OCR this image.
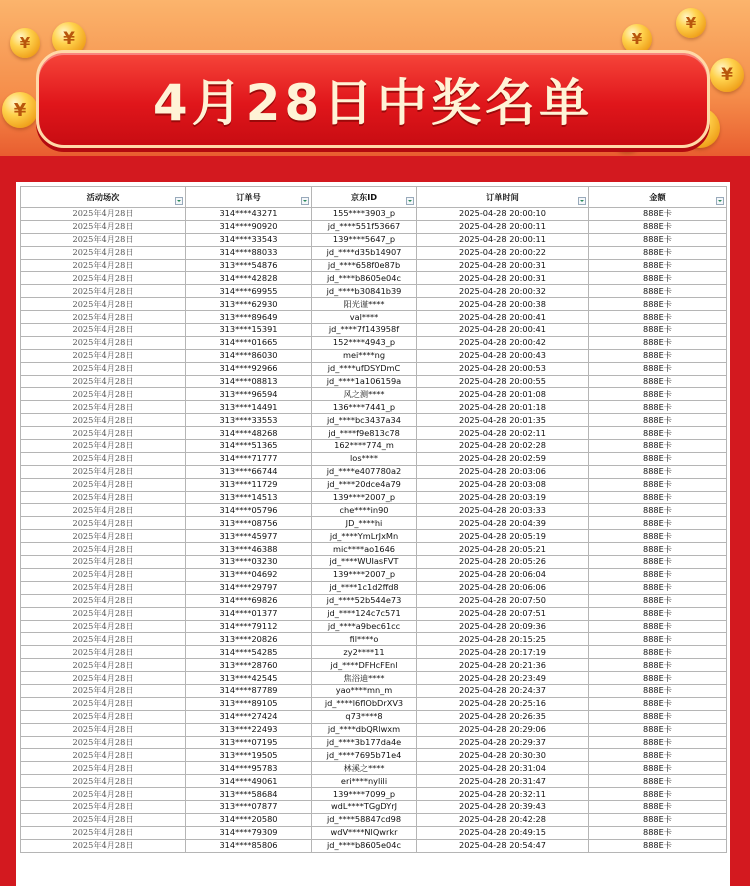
¥	¥
¥
¥
¥
¥
4月28日中奖名单
活动场次	订单号	京东ID	订单时间	金额

2025年4月28日	314****43271	155****3903_p	2025-04-28 20:00:10	888E卡
2025年4月28日	314****90920	jd_****551f53667	2025-04-28 20:00:11	888E卡
2025年4月28日	314****33543	139****5647_p	2025-04-28 20:00:11	888E卡
2025年4月28日	314****88033	jd_****d35b14907	2025-04-28 20:00:22	888E卡
2025年4月28日	313****54876	jd_****658f0e87b	2025-04-28 20:00:31	888E卡
2025年4月28日	314****42828	jd_****b8605e04c	2025-04-28 20:00:31	888E卡
2025年4月28日	314****69955	jd_****b30841b39	2025-04-28 20:00:32	888E卡
2025年4月28日	313****62930	阳光谨****	2025-04-28 20:00:38	888E卡
2025年4月28日	313****89649	val****	2025-04-28 20:00:41	888E卡
2025年4月28日	313****15391	jd_****7f143958f	2025-04-28 20:00:41	888E卡
2025年4月28日	314****01665	152****4943_p	2025-04-28 20:00:42	888E卡
2025年4月28日	314****86030	mei****ng	2025-04-28 20:00:43	888E卡
2025年4月28日	314****92966	jd_****ufDSYDmC	2025-04-28 20:00:53	888E卡
2025年4月28日	314****08813	jd_****1a106159a	2025-04-28 20:00:55	888E卡
2025年4月28日	313****96594	风之测****	2025-04-28 20:01:08	888E卡
2025年4月28日	313****14491	136****7441_p	2025-04-28 20:01:18	888E卡
2025年4月28日	313****33553	jd_****bc3437a34	2025-04-28 20:01:35	888E卡
2025年4月28日	314****48268	jd_****f9e813c78	2025-04-28 20:02:11	888E卡
2025年4月28日	314****51365	162****774_m	2025-04-28 20:02:28	888E卡
2025年4月28日	314****71777	los****	2025-04-28 20:02:59	888E卡
2025年4月28日	313****66744	jd_****e407780a2	2025-04-28 20:03:06	888E卡
2025年4月28日	313****11729	jd_****20dce4a79	2025-04-28 20:03:08	888E卡
2025年4月28日	313****14513	139****2007_p	2025-04-28 20:03:19	888E卡
2025年4月28日	314****05796	che****in90	2025-04-28 20:03:33	888E卡
2025年4月28日	313****08756	JD_****hi	2025-04-28 20:04:39	888E卡
2025年4月28日	313****45977	jd_****YmLrJxMn	2025-04-28 20:05:19	888E卡
2025年4月28日	313****46388	mic****ao1646	2025-04-28 20:05:21	888E卡
2025年4月28日	313****03230	jd_****WUIasFVT	2025-04-28 20:05:26	888E卡
2025年4月28日	313****04692	139****2007_p	2025-04-28 20:06:04	888E卡
2025年4月28日	314****29797	jd_****1c1d2ffd8	2025-04-28 20:06:06	888E卡
2025年4月28日	314****69826	jd_****52b544e73	2025-04-28 20:07:50	888E卡
2025年4月28日	314****01377	jd_****124c7c571	2025-04-28 20:07:51	888E卡
2025年4月28日	314****79112	jd_****a9bec61cc	2025-04-28 20:09:36	888E卡
2025年4月28日	313****20826	fil****o	2025-04-28 20:15:25	888E卡
2025年4月28日	314****54285	zy2****11	2025-04-28 20:17:19	888E卡
2025年4月28日	313****28760	jd_****DFHcFEnl	2025-04-28 20:21:36	888E卡
2025年4月28日	313****42545	焦浴迪****	2025-04-28 20:23:49	888E卡
2025年4月28日	314****87789	yao****mn_m	2025-04-28 20:24:37	888E卡
2025年4月28日	313****89105	jd_****l6flObDrXV3	2025-04-28 20:25:16	888E卡
2025年4月28日	314****27424	q73****8	2025-04-28 20:26:35	888E卡
2025年4月28日	313****22493	jd_****dbQRlwxm	2025-04-28 20:29:06	888E卡
2025年4月28日	313****07195	jd_****3b177da4e	2025-04-28 20:29:37	888E卡
2025年4月28日	313****19505	jd_****7695b71e4	2025-04-28 20:30:30	888E卡
2025年4月28日	314****95783	林溪之****	2025-04-28 20:31:04	888E卡
2025年4月28日	314****49061	eri****nylili	2025-04-28 20:31:47	888E卡
2025年4月28日	313****58684	139****7099_p	2025-04-28 20:32:11	888E卡
2025年4月28日	313****07877	wdL****TGgDYrJ	2025-04-28 20:39:43	888E卡
2025年4月28日	314****20580	jd_****58847cd98	2025-04-28 20:42:28	888E卡
2025年4月28日	314****79309	wdV****NlQwrkr	2025-04-28 20:49:15	888E卡
2025年4月28日	314****85806	jd_****b8605e04c	2025-04-28 20:54:47	888E卡
